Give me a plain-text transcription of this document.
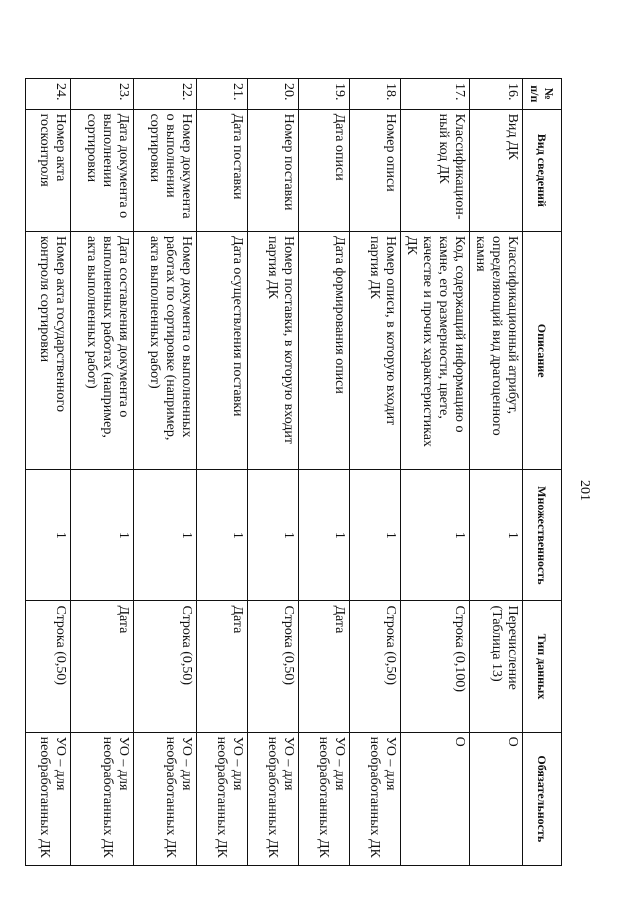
201
№ п/п	Вид сведений	Описание	Множественность	Тип данных	Обязательность
16.	Вид ДК	Классификационный атрибут, определяющий вид драгоценного камня	1	Перечисление (Таблица 13)	О
17.	Классификацион-ный код ДК	Код, содержащий информацию о камне, его размерности, цвете, качестве и прочих характеристиках ДК	1	Строка (0,100)	О
18.	Номер описи	Номер описи, в которую входит партия ДК	1	Строка (0,50)	УО – для необработанных ДК
19.	Дата описи	Дата формирования описи	1	Дата	УО – для необработанных ДК
20.	Номер поставки	Номер поставки, в которую входит партия ДК	1	Строка (0,50)	УО – для необработанных ДК
21.	Дата поставки	Дата осуществления поставки	1	Дата	УО – для необработанных ДК
22.	Номер документа о выполнении сортировки	Номер документа о выполненных работах по сортировке (например, акта выполненных работ)	1	Строка (0,50)	УО – для необработанных ДК
23.	Дата документа о выполнении сортировки	Дата составления документа о выполненных работах (например, акта выполненных работ)	1	Дата	УО – для необработанных ДК
24.	Номер акта госконтроля	Номер акта государственного контроля сортировки	1	Строка (0,50)	УО – для необработанных ДК
